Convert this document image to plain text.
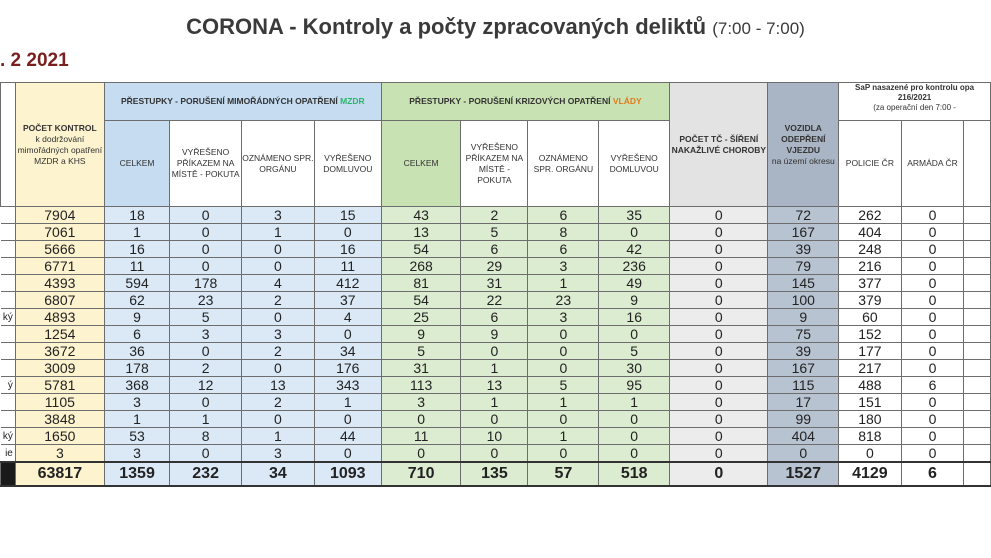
CORONA - Kontroly a počty zpracovaných deliktů (7:00 - 7:00)
. 2 2021
	POČET KONTROL
k dodržování mimořádných opatření MZDR a KHS	PŘESTUPKY - PORUŠENÍ MIMOŘÁDNÝCH OPATŘENÍ MZDR				PŘESTUPKY - PORUŠENÍ KRIZOVÝCH OPATŘENÍ VLÁDY				POČET TČ - ŠÍŘENÍ NAKAŽLIVÉ CHOROBY	VOZIDLA ODEPŘENÍ VJEZDU
na území okresu	SaP nasazené pro kontrolu opa
216/2021
(za operační den 7:00 -		
		CELKEM	VYŘEŠENO PŘÍKAZEM NA MÍSTĚ - POKUTA	OZNÁMENO SPR. ORGÁNU	VYŘEŠENO DOMLUVOU	CELKEM	VYŘEŠENO PŘÍKAZEM NA MÍSTĚ - POKUTA	OZNÁMENO SPR. ORGÁNU	VYŘEŠENO DOMLUVOU			POLICIE ČR	ARMÁDA ČR	
	7904	18	0	3	15	43	2	6	35	0	72	262	0	
	7061	1	0	1	0	13	5	8	0	0	167	404	0	
	5666	16	0	0	16	54	6	6	42	0	39	248	0	
	6771	11	0	0	11	268	29	3	236	0	79	216	0	
	4393	594	178	4	412	81	31	1	49	0	145	377	0	
	6807	62	23	2	37	54	22	23	9	0	100	379	0	
ký	4893	9	5	0	4	25	6	3	16	0	9	60	0	
	1254	6	3	3	0	9	9	0	0	0	75	152	0	
	3672	36	0	2	34	5	0	0	5	0	39	177	0	
	3009	178	2	0	176	31	1	0	30	0	167	217	0	
ý	5781	368	12	13	343	113	13	5	95	0	115	488	6	
	1105	3	0	2	1	3	1	1	1	0	17	151	0	
	3848	1	1	0	0	0	0	0	0	0	99	180	0	
ký	1650	53	8	1	44	11	10	1	0	0	404	818	0	
ie	3	3	0	3	0	0	0	0	0	0	0	0	0	
	63817	1359	232	34	1093	710	135	57	518	0	1527	4129	6	
